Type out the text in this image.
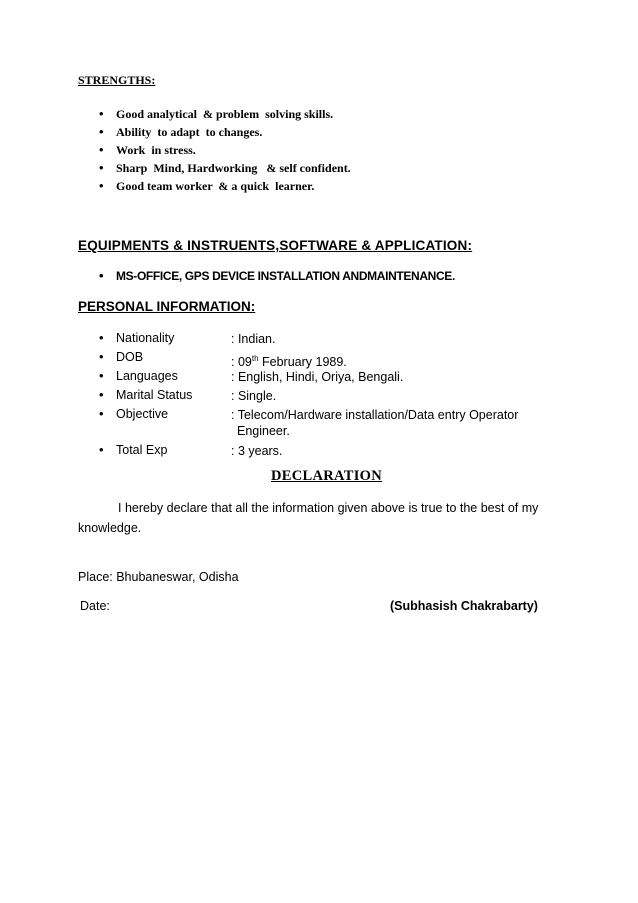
STRENGTHS:
• Good analytical  & problem  solving skills.
• Ability  to adapt  to changes.
• Work  in stress.
• Sharp  Mind, Hardworking   & self confident.
• Good team worker  & a quick  learner.
EQUIPMENTS & INSTRUENTS,SOFTWARE & APPLICATION:
• MS-OFFICE, GPS DEVICE INSTALLATION ANDMAINTENANCE.
PERSONAL INFORMATION:
• Nationality	: Indian.
• DOB	: 09th February 1989.
• Languages	: English, Hindi, Oriya, Bengali.
• Marital Status	: Single.
• Objective	: Telecom/Hardware installation/Data entry Operator
Engineer.
• Total Exp	: 3 years.
DECLARATION
I hereby declare that all the information given above is true to the best of my knowledge.
Place: Bhubaneswar, Odisha
Date:	(Subhasish Chakrabarty)
